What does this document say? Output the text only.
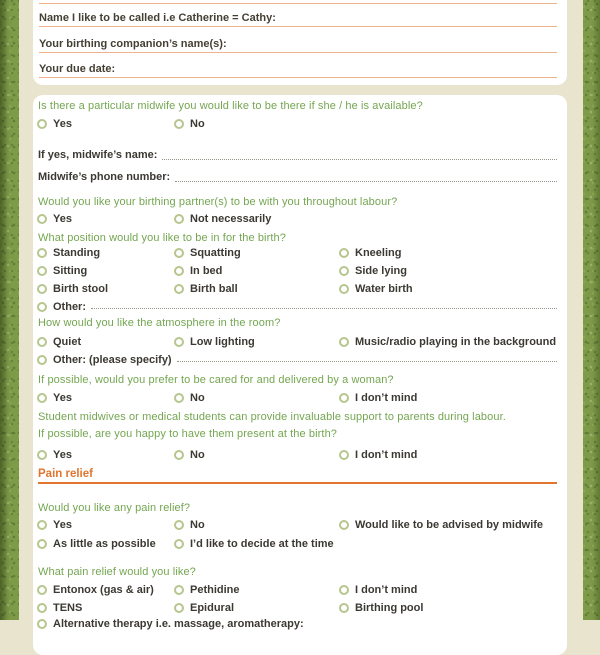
Name I like to be called i.e Catherine = Cathy:
Your birthing companion’s name(s):
Your due date:
Is there a particular midwife you would like to be there if she / he is available?
Yes	No
If yes, midwife’s name:
Midwife’s phone number:
Would you like your birthing partner(s) to be with you throughout labour?
Yes	Not necessarily
What position would you like to be in for the birth?
Standing	Squatting	Kneeling
Sitting	In bed	Side lying
Birth stool	Birth ball	Water birth
Other:
How would you like the atmosphere in the room?
Quiet	Low lighting	Music/radio playing in the background
Other: (please specify)
If possible, would you prefer to be cared for and delivered by a woman?
Yes	No	I don’t mind
Student midwives or medical students can provide invaluable support to parents during labour.
If possible, are you happy to have them present at the birth?
Yes	No	I don’t mind
Pain relief
Would you like any pain relief?
Yes	No	Would like to be advised by midwife
As little as possible	I’d like to decide at the time
What pain relief would you like?
Entonox (gas & air)	Pethidine	I don’t mind
TENS	Epidural	Birthing pool
Alternative therapy i.e. massage, aromatherapy:
